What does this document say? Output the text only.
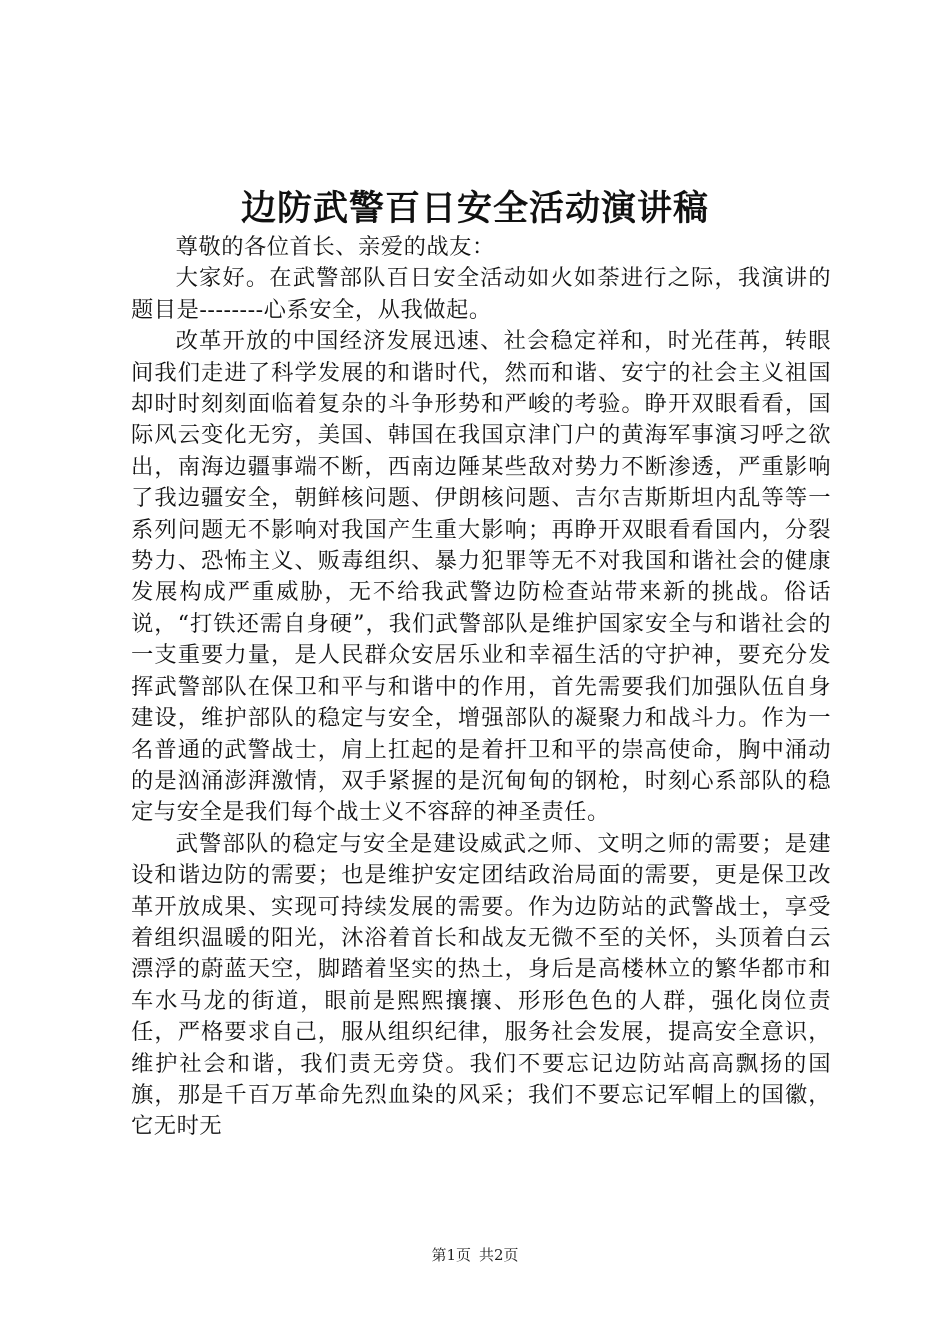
边防武警百日安全活动演讲稿

尊敬的各位首长、亲爱的战友：

大家好。在武警部队百日安全活动如火如荼进行之际，我演讲的题目是--------心系安全，从我做起。

改革开放的中国经济发展迅速、社会稳定祥和，时光荏苒，转眼间我们走进了科学发展的和谐时代，然而和谐、安宁的社会主义祖国却时时刻刻面临着复杂的斗争形势和严峻的考验。睁开双眼看看，国际风云变化无穷，美国、韩国在我国京津门户的黄海军事演习呼之欲出，南海边疆事端不断，西南边陲某些敌对势力不断渗透，严重影响了我边疆安全，朝鲜核问题、伊朗核问题、吉尔吉斯斯坦内乱等等一系列问题无不影响对我国产生重大影响；再睁开双眼看看国内，分裂势力、恐怖主义、贩毒组织、暴力犯罪等无不对我国和谐社会的健康发展构成严重威胁，无不给我武警边防检查站带来新的挑战。俗话说，“打铁还需自身硬”，我们武警部队是维护国家安全与和谐社会的一支重要力量，是人民群众安居乐业和幸福生活的守护神，要充分发挥武警部队在保卫和平与和谐中的作用，首先需要我们加强队伍自身建设，维护部队的稳定与安全，增强部队的凝聚力和战斗力。作为一名普通的武警战士，肩上扛起的是着扞卫和平的崇高使命，胸中涌动的是汹涌澎湃激情，双手紧握的是沉甸甸的钢枪，时刻心系部队的稳定与安全是我们每个战士义不容辞的神圣责任。

武警部队的稳定与安全是建设威武之师、文明之师的需要；是建设和谐边防的需要；也是维护安定团结政治局面的需要，更是保卫改革开放成果、实现可持续发展的需要。作为边防站的武警战士，享受着组织温暖的阳光，沐浴着首长和战友无微不至的关怀，头顶着白云漂浮的蔚蓝天空，脚踏着坚实的热土，身后是高楼林立的繁华都市和车水马龙的街道，眼前是熙熙攘攘、形形色色的人群，强化岗位责任，严格要求自己，服从组织纪律，服务社会发展，提高安全意识，维护社会和谐，我们责无旁贷。我们不要忘记边防站高高飘扬的国旗，那是千百万革命先烈血染的风采；我们不要忘记军帽上的国徽，它无时无

第1页 共2页
